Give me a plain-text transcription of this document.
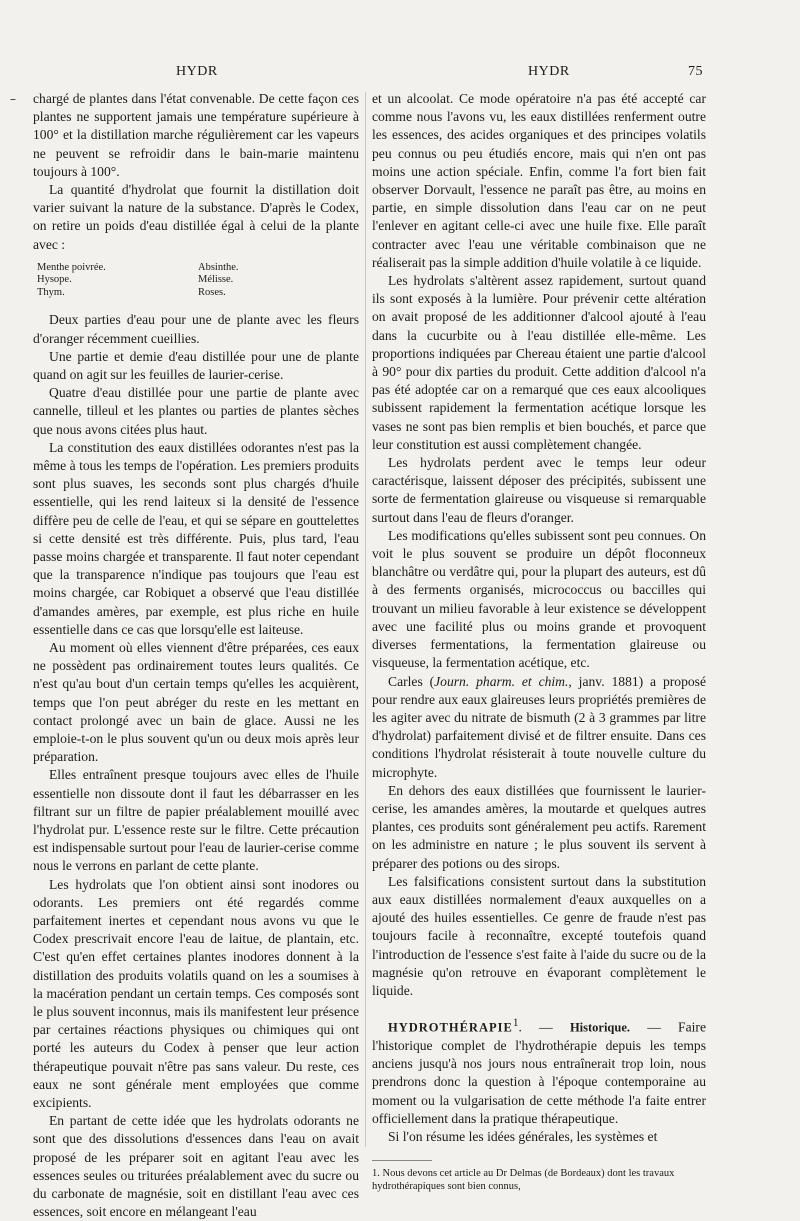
–
HYDR	HYDR	75

chargé de plantes dans l'état convenable. De cette façon ces plantes ne supportent jamais une température supérieure à 100° et la distillation marche régulièrement car les vapeurs ne peuvent se refroidir dans le bain-marie maintenu toujours à 100°.

La quantité d'hydrolat que fournit la distillation doit varier suivant la nature de la substance. D'après le Codex, on retire un poids d'eau distillée égal à celui de la plante avec :

Menthe poivrée.	Absinthe.
Hysope.	Mélisse.
Thym.	Roses.

Deux parties d'eau pour une de plante avec les fleurs d'oranger récemment cueillies.

Une partie et demie d'eau distillée pour une de plante quand on agit sur les feuilles de laurier-cerise.

Quatre d'eau distillée pour une partie de plante avec cannelle, tilleul et les plantes ou parties de plantes sèches que nous avons citées plus haut.

La constitution des eaux distillées odorantes n'est pas la même à tous les temps de l'opération. Les premiers produits sont plus suaves, les seconds sont plus chargés d'huile essentielle, qui les rend laiteux si la densité de l'essence diffère peu de celle de l'eau, et qui se sépare en gouttelettes si cette densité est très différente. Puis, plus tard, l'eau passe moins chargée et transparente. Il faut noter cependant que la transparence n'indique pas toujours que l'eau est moins chargée, car Robiquet a observé que l'eau distillée d'amandes amères, par exemple, est plus riche en huile essentielle dans ce cas que lorsqu'elle est laiteuse.

Au moment où elles viennent d'être préparées, ces eaux ne possèdent pas ordinairement toutes leurs qualités. Ce n'est qu'au bout d'un certain temps qu'elles les acquièrent, temps que l'on peut abréger du reste en les mettant en contact prolongé avec un bain de glace. Aussi ne les emploie-t-on le plus souvent qu'un ou deux mois après leur préparation.

Elles entraînent presque toujours avec elles de l'huile essentielle non dissoute dont il faut les débarrasser en les filtrant sur un filtre de papier préalablement mouillé avec l'hydrolat pur. L'essence reste sur le filtre. Cette précaution est indispensable surtout pour l'eau de laurier-cerise comme nous le verrons en parlant de cette plante.

Les hydrolats que l'on obtient ainsi sont inodores ou odorants. Les premiers ont été regardés comme parfaitement inertes et cependant nous avons vu que le Codex prescrivait encore l'eau de laitue, de plantain, etc. C'est qu'en effet certaines plantes inodores donnent à la distillation des produits volatils quand on les a soumises à la macération pendant un certain temps. Ces composés sont le plus souvent inconnus, mais ils manifestent leur présence par certaines réactions physiques ou chimiques qui ont porté les auteurs du Codex à penser que leur action thérapeutique pouvait n'être pas sans valeur. Du reste, ces eaux ne sont générale ment employées que comme excipients.

En partant de cette idée que les hydrolats odorants ne sont que des dissolutions d'essences dans l'eau on avait proposé de les préparer soit en agitant l'eau avec les essences seules ou triturées préalablement avec du sucre ou du carbonate de magnésie, soit en distillant l'eau avec ces essences, soit encore en mélangeant l'eau

et un alcoolat. Ce mode opératoire n'a pas été accepté car comme nous l'avons vu, les eaux distillées renferment outre les essences, des acides organiques et des principes volatils peu connus ou peu étudiés encore, mais qui n'en ont pas moins une action spéciale. Enfin, comme l'a fort bien fait observer Dorvault, l'essence ne paraît pas être, au moins en partie, en simple dissolution dans l'eau car on ne peut l'enlever en agitant celle-ci avec une huile fixe. Elle paraît contracter avec l'eau une véritable combinaison que ne réaliserait pas la simple addition d'huile volatile à ce liquide.

Les hydrolats s'altèrent assez rapidement, surtout quand ils sont exposés à la lumière. Pour prévenir cette altération on avait proposé de les additionner d'alcool ajouté à l'eau dans la cucurbite ou à l'eau distillée elle-même. Les proportions indiquées par Chereau étaient une partie d'alcool à 90° pour dix parties du produit. Cette addition d'alcool n'a pas été adoptée car on a remarqué que ces eaux alcooliques subissent rapidement la fermentation acétique lorsque les vases ne sont pas bien remplis et bien bouchés, et parce que leur constitution est aussi complètement changée.

Les hydrolats perdent avec le temps leur odeur caractérisque, laissent déposer des précipités, subissent une sorte de fermentation glaireuse ou visqueuse si remarquable surtout dans l'eau de fleurs d'oranger.

Les modifications qu'elles subissent sont peu connues. On voit le plus souvent se produire un dépôt floconneux blanchâtre ou verdâtre qui, pour la plupart des auteurs, est dû à des ferments organisés, micrococcus ou baccilles qui trouvant un milieu favorable à leur existence se développent avec une facilité plus ou moins grande et provoquent diverses fermentations, la fermentation glaireuse ou visqueuse, la fermentation acétique, etc.

Carles (Journ. pharm. et chim., janv. 1881) a proposé pour rendre aux eaux glaireuses leurs propriétés premières de les agiter avec du nitrate de bismuth (2 à 3 grammes par litre d'hydrolat) parfaitement divisé et de filtrer ensuite. Dans ces conditions l'hydrolat résisterait à toute nouvelle culture du microphyte.

En dehors des eaux distillées que fournissent le laurier-cerise, les amandes amères, la moutarde et quelques autres plantes, ces produits sont généralement peu actifs. Rarement on les administre en nature ; le plus souvent ils servent à préparer des potions ou des sirops.

Les falsifications consistent surtout dans la substitution aux eaux distillées normalement d'eaux auxquelles on a ajouté des huiles essentielles. Ce genre de fraude n'est pas toujours facile à reconnaître, excepté toutefois quand l'introduction de l'essence s'est faite à l'aide du sucre ou de la magnésie qu'on retrouve en évaporant complètement le liquide.

HYDROTHÉRAPIE$^1$. — Historique. — Faire l'historique complet de l'hydrothérapie depuis les temps anciens jusqu'à nos jours nous entraînerait trop loin, nous prendrons donc la question à l'époque contemporaine au moment ou la vulgarisation de cette méthode l'a faite entrer officiellement dans la pratique thérapeutique.

Si l'on résume les idées générales, les systèmes et

1. Nous devons cet article au Dr Delmas (de Bordeaux) dont les travaux hydrothérapiques sont bien connus,
